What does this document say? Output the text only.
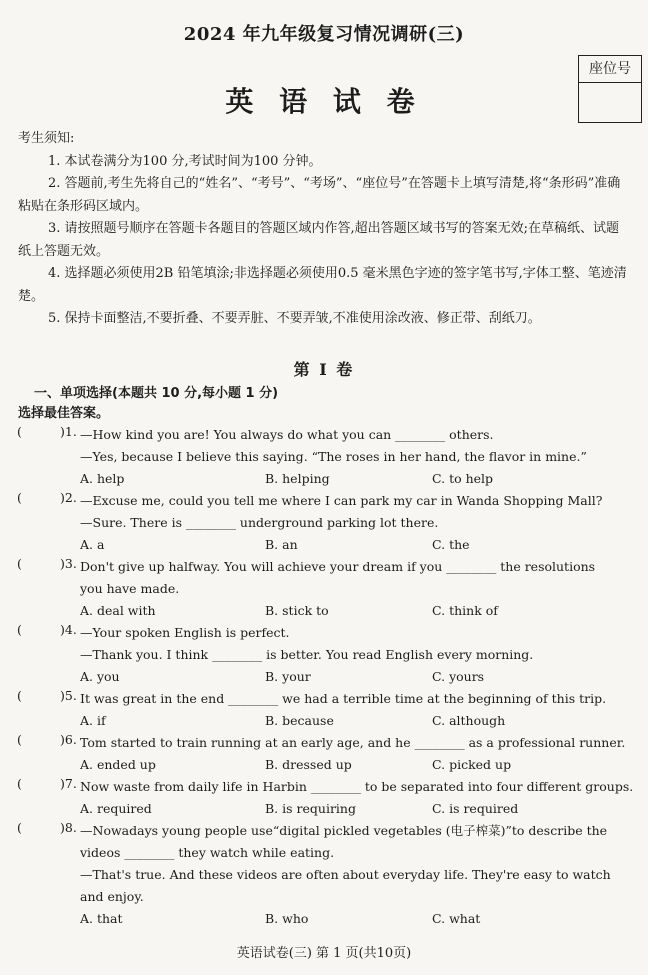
2024 年九年级复习情况调研(三)
座位号
英 语 试 卷

考生须知:

1. 本试卷满分为100 分,考试时间为100 分钟。

2. 答题前,考生先将自己的“姓名”、“考号”、“考场”、“座位号”在答题卡上填写清楚,将“条形码”准确粘贴在条形码区域内。

3. 请按照题号顺序在答题卡各题目的答题区域内作答,超出答题区域书写的答案无效;在草稿纸、试题纸上答题无效。

4. 选择题必须使用2B 铅笔填涂;非选择题必须使用0.5 毫米黑色字迹的签字笔书写,字体工整、笔迹清楚。

5. 保持卡面整洁,不要折叠、不要弄脏、不要弄皱,不准使用涂改液、修正带、刮纸刀。

第 Ⅰ 卷
一、单项选择(本题共 10 分,每小题 1 分)
选择最佳答案。
(	)1. —How kind you are! You always do what you can ________ others.
—Yes, because I believe this saying. “The roses in her hand, the flavor in mine.”
A. help	B. helping	C. to help
(	)2. —Excuse me, could you tell me where I can park my car in Wanda Shopping Mall?
—Sure. There is ________ underground parking lot there.
A. a	B. an	C. the
(	)3. Don't give up halfway. You will achieve your dream if you ________ the resolutions you have made.
A. deal with	B. stick to	C. think of
(	)4. —Your spoken English is perfect.
—Thank you. I think ________ is better. You read English every morning.
A. you	B. your	C. yours
(	)5. It was great in the end ________ we had a terrible time at the beginning of this trip.
A. if	B. because	C. although
(	)6. Tom started to train running at an early age, and he ________ as a professional runner.
A. ended up	B. dressed up	C. picked up
(	)7. Now waste from daily life in Harbin ________ to be separated into four different groups.
A. required	B. is requiring	C. is required
(	)8. —Nowadays young people use“digital pickled vegetables (电子榨菜)”to describe the videos ________ they watch while eating.
—That's true. And these videos are often about everyday life. They're easy to watch and enjoy.
A. that	B. who	C. what
英语试卷(三) 第 1 页(共10页)
